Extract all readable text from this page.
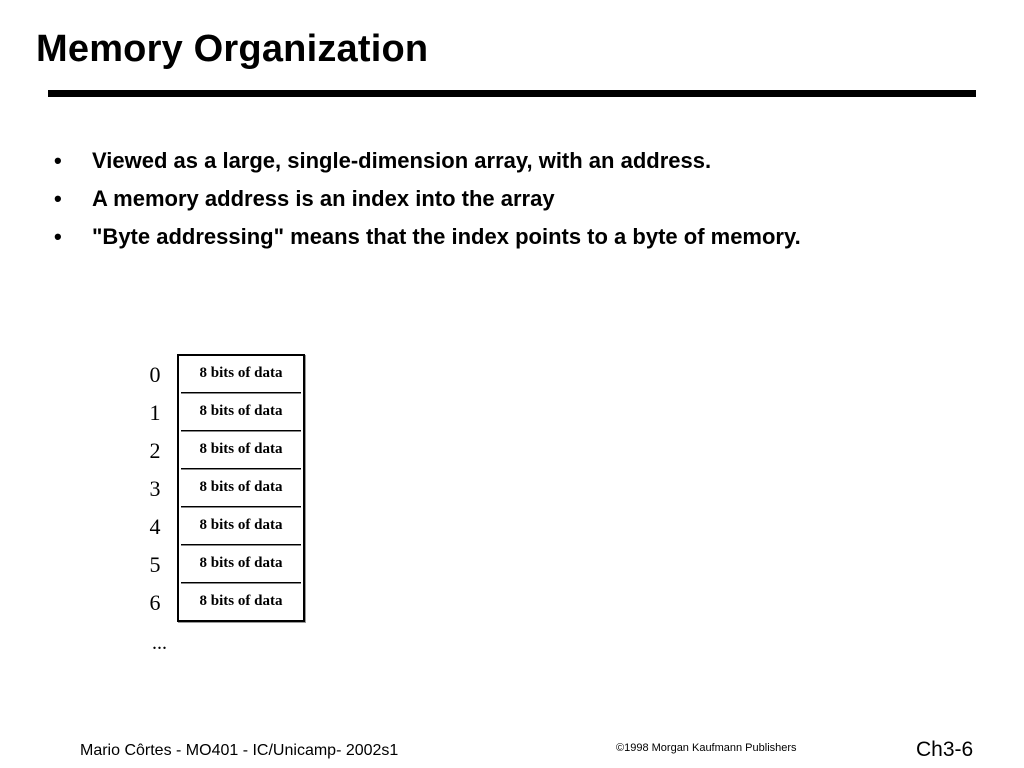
Memory Organization
• Viewed as a large, single-dimension array, with an address.
• A memory address is an index into the array
• "Byte addressing" means that the index points to a byte of memory.
0
1
2
3
4
5
6
...
8 bits of data
8 bits of data
8 bits of data
8 bits of data
8 bits of data
8 bits of data
8 bits of data
Mario Côrtes - MO401 - IC/Unicamp- 2002s1	©1998 Morgan Kaufmann Publishers	Ch3-6
